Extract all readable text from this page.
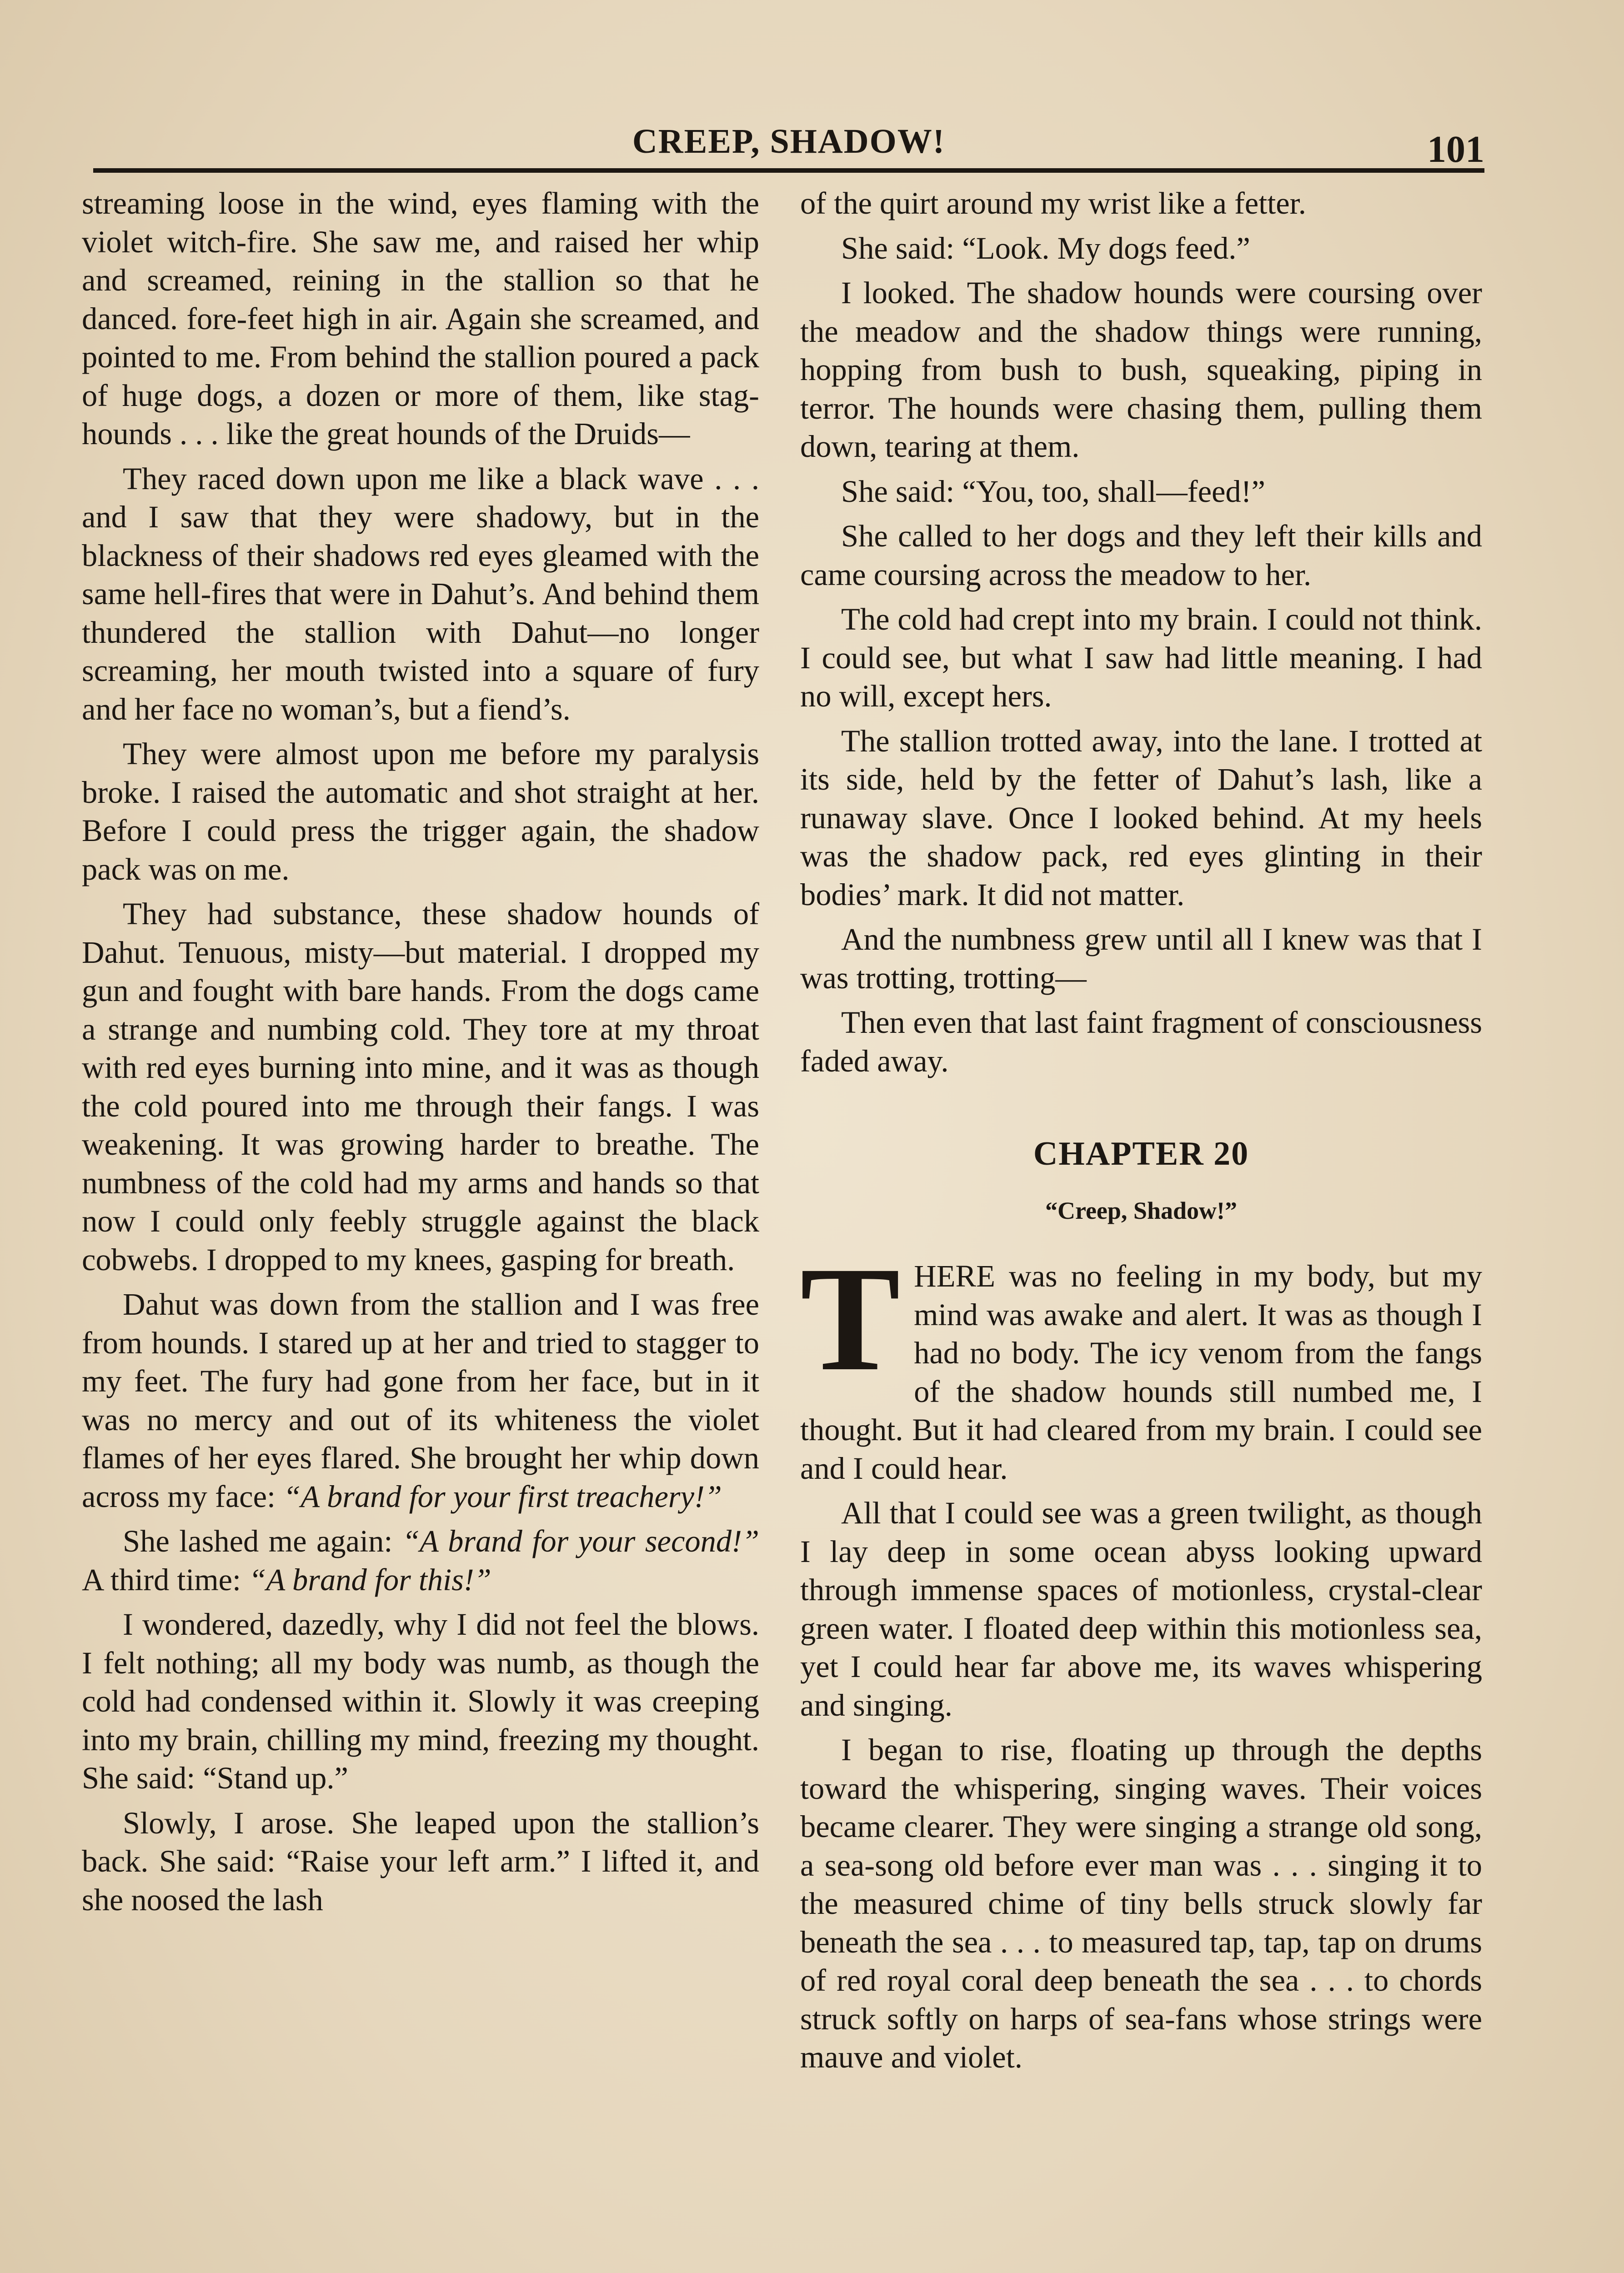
CREEP, SHADOW!	101

streaming loose in the wind, eyes flaming with the violet witch-fire. She saw me, and raised her whip and screamed, reining in the stallion so that he danced. fore-feet high in air. Again she screamed, and pointed to me. From behind the stallion poured a pack of huge dogs, a dozen or more of them, like stag-hounds . . . like the great hounds of the Druids—

They raced down upon me like a black wave . . . and I saw that they were shadowy, but in the blackness of their shadows red eyes gleamed with the same hell-fires that were in Dahut’s. And behind them thundered the stallion with Dahut—no longer screaming, her mouth twisted into a square of fury and her face no woman’s, but a fiend’s.

They were almost upon me before my paralysis broke. I raised the automatic and shot straight at her. Before I could press the trigger again, the shadow pack was on me.

They had substance, these shadow hounds of Dahut. Tenuous, misty—but material. I dropped my gun and fought with bare hands. From the dogs came a strange and numbing cold. They tore at my throat with red eyes burning into mine, and it was as though the cold poured into me through their fangs. I was weakening. It was growing harder to breathe. The numbness of the cold had my arms and hands so that now I could only feebly struggle against the black cobwebs. I dropped to my knees, gasping for breath.

Dahut was down from the stallion and I was free from hounds. I stared up at her and tried to stagger to my feet. The fury had gone from her face, but in it was no mercy and out of its whiteness the violet flames of her eyes flared. She brought her whip down across my face: “A brand for your first treachery!”

She lashed me again: “A brand for your second!” A third time: “A brand for this!”

I wondered, dazedly, why I did not feel the blows. I felt nothing; all my body was numb, as though the cold had condensed within it. Slowly it was creeping into my brain, chilling my mind, freezing my thought. She said: “Stand up.”

Slowly, I arose. She leaped upon the stallion’s back. She said: “Raise your left arm.” I lifted it, and she noosed the lash

of the quirt around my wrist like a fetter.

She said: “Look. My dogs feed.”

I looked. The shadow hounds were coursing over the meadow and the shadow things were running, hopping from bush to bush, squeaking, piping in terror. The hounds were chasing them, pulling them down, tearing at them.

She said: “You, too, shall—feed!”

She called to her dogs and they left their kills and came coursing across the meadow to her.

The cold had crept into my brain. I could not think. I could see, but what I saw had little meaning. I had no will, except hers.

The stallion trotted away, into the lane. I trotted at its side, held by the fetter of Dahut’s lash, like a runaway slave. Once I looked behind. At my heels was the shadow pack, red eyes glinting in their bodies’ mark. It did not matter.

And the numbness grew until all I knew was that I was trotting, trotting—

Then even that last faint fragment of consciousness faded away.

CHAPTER 20
“Creep, Shadow!”

THERE was no feeling in my body, but my mind was awake and alert. It was as though I had no body. The icy venom from the fangs of the shadow hounds still numbed me, I thought. But it had cleared from my brain. I could see and I could hear.

All that I could see was a green twilight, as though I lay deep in some ocean abyss looking upward through immense spaces of motionless, crystal-clear green water. I floated deep within this motionless sea, yet I could hear far above me, its waves whispering and singing.

I began to rise, floating up through the depths toward the whispering, singing waves. Their voices became clearer. They were singing a strange old song, a sea-song old before ever man was . . . singing it to the measured chime of tiny bells struck slowly far beneath the sea . . . to measured tap, tap, tap on drums of red royal coral deep beneath the sea . . . to chords struck softly on harps of sea-fans whose strings were mauve and violet.
